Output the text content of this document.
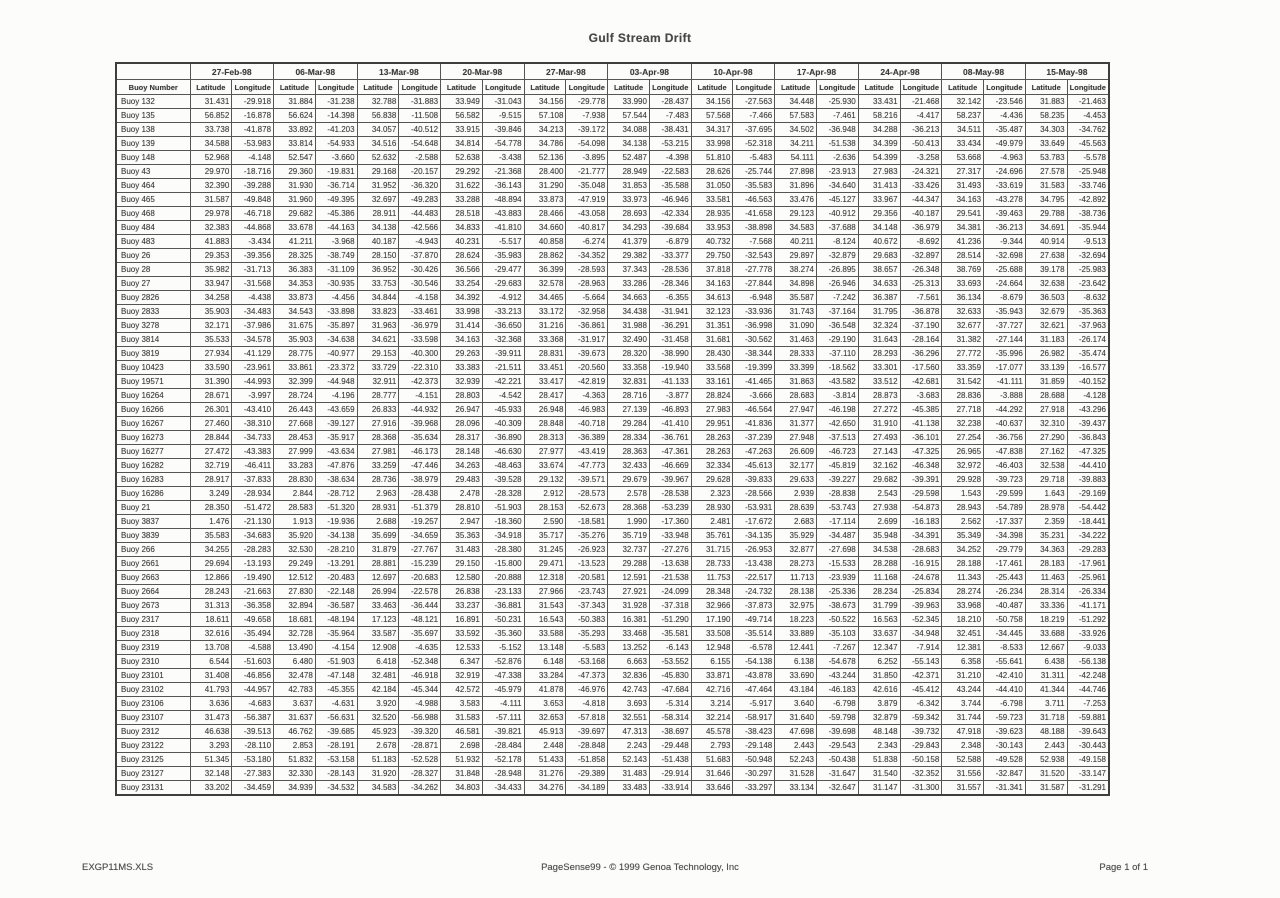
Gulf Stream Drift
	27-Feb-98		06-Mar-98		13-Mar-98		20-Mar-98		27-Mar-98		03-Apr-98		10-Apr-98		17-Apr-98		24-Apr-98		08-May-98		15-May-98	
Buoy Number	Latitude	Longitude	Latitude	Longitude	Latitude	Longitude	Latitude	Longitude	Latitude	Longitude	Latitude	Longitude	Latitude	Longitude	Latitude	Longitude	Latitude	Longitude	Latitude	Longitude	Latitude	Longitude
Buoy 132	31.431	-29.918	31.884	-31.238	32.788	-31.883	33.949	-31.043	34.156	-29.778	33.990	-28.437	34.156	-27.563	34.448	-25.930	33.431	-21.468	32.142	-23.546	31.883	-21.463
Buoy 135	56.852	-16.878	56.624	-14.398	56.838	-11.508	56.582	-9.515	57.108	-7.938	57.544	-7.483	57.568	-7.466	57.583	-7.461	58.216	-4.417	58.237	-4.436	58.235	-4.453
Buoy 138	33.738	-41.878	33.892	-41.203	34.057	-40.512	33.915	-39.846	34.213	-39.172	34.088	-38.431	34.317	-37.695	34.502	-36.948	34.288	-36.213	34.511	-35.487	34.303	-34.762
Buoy 139	34.588	-53.983	33.814	-54.933	34.516	-54.648	34.814	-54.778	34.786	-54.098	34.138	-53.215	33.998	-52.318	34.211	-51.538	34.399	-50.413	33.434	-49.979	33.649	-45.563
Buoy 148	52.968	-4.148	52.547	-3.660	52.632	-2.588	52.638	-3.438	52.136	-3.895	52.487	-4.398	51.810	-5.483	54.111	-2.636	54.399	-3.258	53.668	-4.963	53.783	-5.578
Buoy 43	29.970	-18.716	29.360	-19.831	29.168	-20.157	29.292	-21.368	28.400	-21.777	28.949	-22.583	28.626	-25.744	27.898	-23.913	27.983	-24.321	27.317	-24.696	27.578	-25.948
Buoy 464	32.390	-39.288	31.930	-36.714	31.952	-36.320	31.622	-36.143	31.290	-35.048	31.853	-35.588	31.050	-35.583	31.896	-34.640	31.413	-33.426	31.493	-33.619	31.583	-33.746
Buoy 465	31.587	-49.848	31.960	-49.395	32.697	-49.283	33.288	-48.894	33.873	-47.919	33.973	-46.946	33.581	-46.563	33.476	-45.127	33.967	-44.347	34.163	-43.278	34.795	-42.892
Buoy 468	29.978	-46.718	29.682	-45.386	28.911	-44.483	28.518	-43.883	28.466	-43.058	28.693	-42.334	28.935	-41.658	29.123	-40.912	29.356	-40.187	29.541	-39.463	29.788	-38.736
Buoy 484	32.383	-44.868	33.678	-44.163	34.138	-42.566	34.833	-41.810	34.660	-40.817	34.293	-39.684	33.953	-38.898	34.583	-37.688	34.148	-36.979	34.381	-36.213	34.691	-35.944
Buoy 483	41.883	-3.434	41.211	-3.968	40.187	-4.943	40.231	-5.517	40.858	-6.274	41.379	-6.879	40.732	-7.568	40.211	-8.124	40.672	-8.692	41.236	-9.344	40.914	-9.513
Buoy 26	29.353	-39.356	28.325	-38.749	28.150	-37.870	28.624	-35.983	28.862	-34.352	29.382	-33.377	29.750	-32.543	29.897	-32.879	29.683	-32.897	28.514	-32.698	27.638	-32.694
Buoy 28	35.982	-31.713	36.383	-31.109	36.952	-30.426	36.566	-29.477	36.399	-28.593	37.343	-28.536	37.818	-27.778	38.274	-26.895	38.657	-26.348	38.769	-25.688	39.178	-25.983
Buoy 27	33.947	-31.568	34.353	-30.935	33.753	-30.546	33.254	-29.683	32.578	-28.963	33.286	-28.346	34.163	-27.844	34.898	-26.946	34.633	-25.313	33.693	-24.664	32.638	-23.642
Buoy 2826	34.258	-4.438	33.873	-4.456	34.844	-4.158	34.392	-4.912	34.465	-5.664	34.663	-6.355	34.613	-6.948	35.587	-7.242	36.387	-7.561	36.134	-8.679	36.503	-8.632
Buoy 2833	35.903	-34.483	34.543	-33.898	33.823	-33.461	33.998	-33.213	33.172	-32.958	34.438	-31.941	32.123	-33.936	31.743	-37.164	31.795	-36.878	32.633	-35.943	32.679	-35.363
Buoy 3278	32.171	-37.986	31.675	-35.897	31.963	-36.979	31.414	-36.650	31.216	-36.861	31.988	-36.291	31.351	-36.998	31.090	-36.548	32.324	-37.190	32.677	-37.727	32.621	-37.963
Buoy 3814	35.533	-34.578	35.903	-34.638	34.621	-33.598	34.163	-32.368	33.368	-31.917	32.490	-31.458	31.681	-30.562	31.463	-29.190	31.643	-28.164	31.382	-27.144	31.183	-26.174
Buoy 3819	27.934	-41.129	28.775	-40.977	29.153	-40.300	29.263	-39.911	28.831	-39.673	28.320	-38.990	28.430	-38.344	28.333	-37.110	28.293	-36.296	27.772	-35.996	26.982	-35.474
Buoy 10423	33.590	-23.961	33.861	-23.372	33.729	-22.310	33.383	-21.511	33.451	-20.560	33.358	-19.940	33.568	-19.399	33.399	-18.562	33.301	-17.560	33.359	-17.077	33.139	-16.577
Buoy 19571	31.390	-44.993	32.399	-44.948	32.911	-42.373	32.939	-42.221	33.417	-42.819	32.831	-41.133	33.161	-41.465	31.863	-43.582	33.512	-42.681	31.542	-41.111	31.859	-40.152
Buoy 16264	28.671	-3.997	28.724	-4.196	28.777	-4.151	28.803	-4.542	28.417	-4.363	28.716	-3.877	28.824	-3.666	28.683	-3.814	28.873	-3.683	28.836	-3.888	28.688	-4.128
Buoy 16266	26.301	-43.410	26.443	-43.659	26.833	-44.932	26.947	-45.933	26.948	-46.983	27.139	-46.893	27.983	-46.564	27.947	-46.198	27.272	-45.385	27.718	-44.292	27.918	-43.296
Buoy 16267	27.460	-38.310	27.668	-39.127	27.916	-39.968	28.096	-40.309	28.848	-40.718	29.284	-41.410	29.951	-41.836	31.377	-42.650	31.910	-41.138	32.238	-40.637	32.310	-39.437
Buoy 16273	28.844	-34.733	28.453	-35.917	28.368	-35.634	28.317	-36.890	28.313	-36.389	28.334	-36.761	28.263	-37.239	27.948	-37.513	27.493	-36.101	27.254	-36.756	27.290	-36.843
Buoy 16277	27.472	-43.383	27.999	-43.634	27.981	-46.173	28.148	-46.630	27.977	-43.419	28.363	-47.361	28.263	-47.263	26.609	-46.723	27.143	-47.325	26.965	-47.838	27.162	-47.325
Buoy 16282	32.719	-46.411	33.283	-47.876	33.259	-47.446	34.263	-48.463	33.674	-47.773	32.433	-46.669	32.334	-45.613	32.177	-45.819	32.162	-46.348	32.972	-46.403	32.538	-44.410
Buoy 16283	28.917	-37.833	28.830	-38.634	28.736	-38.979	29.483	-39.528	29.132	-39.571	29.679	-39.967	29.628	-39.833	29.633	-39.227	29.682	-39.391	29.928	-39.723	29.718	-39.883
Buoy 16286	3.249	-28.934	2.844	-28.712	2.963	-28.438	2.478	-28.328	2.912	-28.573	2.578	-28.538	2.323	-28.566	2.939	-28.838	2.543	-29.598	1.543	-29.599	1.643	-29.169
Buoy 21	28.350	-51.472	28.583	-51.320	28.931	-51.379	28.810	-51.903	28.153	-52.673	28.368	-53.239	28.930	-53.931	28.639	-53.743	27.938	-54.873	28.943	-54.789	28.978	-54.442
Buoy 3837	1.476	-21.130	1.913	-19.936	2.688	-19.257	2.947	-18.360	2.590	-18.581	1.990	-17.360	2.481	-17.672	2.683	-17.114	2.699	-16.183	2.562	-17.337	2.359	-18.441
Buoy 3839	35.583	-34.683	35.920	-34.138	35.699	-34.659	35.363	-34.918	35.717	-35.276	35.719	-33.948	35.761	-34.135	35.929	-34.487	35.948	-34.391	35.349	-34.398	35.231	-34.222
Buoy 266	34.255	-28.283	32.530	-28.210	31.879	-27.767	31.483	-28.380	31.245	-26.923	32.737	-27.276	31.715	-26.953	32.877	-27.698	34.538	-28.683	34.252	-29.779	34.363	-29.283
Buoy 2661	29.694	-13.193	29.249	-13.291	28.881	-15.239	29.150	-15.800	29.471	-13.523	29.288	-13.638	28.733	-13.438	28.273	-15.533	28.288	-16.915	28.188	-17.461	28.183	-17.961
Buoy 2663	12.866	-19.490	12.512	-20.483	12.697	-20.683	12.580	-20.888	12.318	-20.581	12.591	-21.538	11.753	-22.517	11.713	-23.939	11.168	-24.678	11.343	-25.443	11.463	-25.961
Buoy 2664	28.243	-21.663	27.830	-22.148	26.994	-22.578	26.838	-23.133	27.966	-23.743	27.921	-24.099	28.348	-24.732	28.138	-25.336	28.234	-25.834	28.274	-26.234	28.314	-26.334
Buoy 2673	31.313	-36.358	32.894	-36.587	33.463	-36.444	33.237	-36.881	31.543	-37.343	31.928	-37.318	32.966	-37.873	32.975	-38.673	31.799	-39.963	33.968	-40.487	33.336	-41.171
Buoy 2317	18.611	-49.658	18.681	-48.194	17.123	-48.121	16.891	-50.231	16.543	-50.383	16.381	-51.290	17.190	-49.714	18.223	-50.522	16.563	-52.345	18.210	-50.758	18.219	-51.292
Buoy 2318	32.616	-35.494	32.728	-35.964	33.587	-35.697	33.592	-35.360	33.588	-35.293	33.468	-35.581	33.508	-35.514	33.889	-35.103	33.637	-34.948	32.451	-34.445	33.688	-33.926
Buoy 2319	13.708	-4.588	13.490	-4.154	12.908	-4.635	12.533	-5.152	13.148	-5.583	13.252	-6.143	12.948	-6.578	12.441	-7.267	12.347	-7.914	12.381	-8.533	12.667	-9.033
Buoy 2310	6.544	-51.603	6.480	-51.903	6.418	-52.348	6.347	-52.876	6.148	-53.168	6.663	-53.552	6.155	-54.138	6.138	-54.678	6.252	-55.143	6.358	-55.641	6.438	-56.138
Buoy 23101	31.408	-46.856	32.478	-47.148	32.481	-46.918	32.919	-47.338	33.284	-47.373	32.836	-45.830	33.871	-43.878	33.690	-43.244	31.850	-42.371	31.210	-42.410	31.311	-42.248
Buoy 23102	41.793	-44.957	42.783	-45.355	42.184	-45.344	42.572	-45.979	41.878	-46.976	42.743	-47.684	42.716	-47.464	43.184	-46.183	42.616	-45.412	43.244	-44.410	41.344	-44.746
Buoy 23106	3.636	-4.683	3.637	-4.631	3.920	-4.988	3.583	-4.111	3.653	-4.818	3.693	-5.314	3.214	-5.917	3.640	-6.798	3.879	-6.342	3.744	-6.798	3.711	-7.253
Buoy 23107	31.473	-56.387	31.637	-56.631	32.520	-56.988	31.583	-57.111	32.653	-57.818	32.551	-58.314	32.214	-58.917	31.640	-59.798	32.879	-59.342	31.744	-59.723	31.718	-59.881
Buoy 2312	46.638	-39.513	46.762	-39.685	45.923	-39.320	46.581	-39.821	45.913	-39.697	47.313	-38.697	45.578	-38.423	47.698	-39.698	48.148	-39.732	47.918	-39.623	48.188	-39.643
Buoy 23122	3.293	-28.110	2.853	-28.191	2.678	-28.871	2.698	-28.484	2.448	-28.848	2.243	-29.448	2.793	-29.148	2.443	-29.543	2.343	-29.843	2.348	-30.143	2.443	-30.443
Buoy 23125	51.345	-53.180	51.832	-53.158	51.183	-52.528	51.932	-52.178	51.433	-51.858	52.143	-51.438	51.683	-50.948	52.243	-50.438	51.838	-50.158	52.588	-49.528	52.938	-49.158
Buoy 23127	32.148	-27.383	32.330	-28.143	31.920	-28.327	31.848	-28.948	31.276	-29.389	31.483	-29.914	31.646	-30.297	31.528	-31.647	31.540	-32.352	31.556	-32.847	31.520	-33.147
Buoy 23131	33.202	-34.459	34.939	-34.532	34.583	-34.262	34.803	-34.433	34.276	-34.189	33.483	-33.914	33.646	-33.297	33.134	-32.647	31.147	-31.300	31.557	-31.341	31.587	-31.291
EXGP11MS.XLS	PageSense99 - © 1999 Genoa Technology, Inc	Page 1 of 1
